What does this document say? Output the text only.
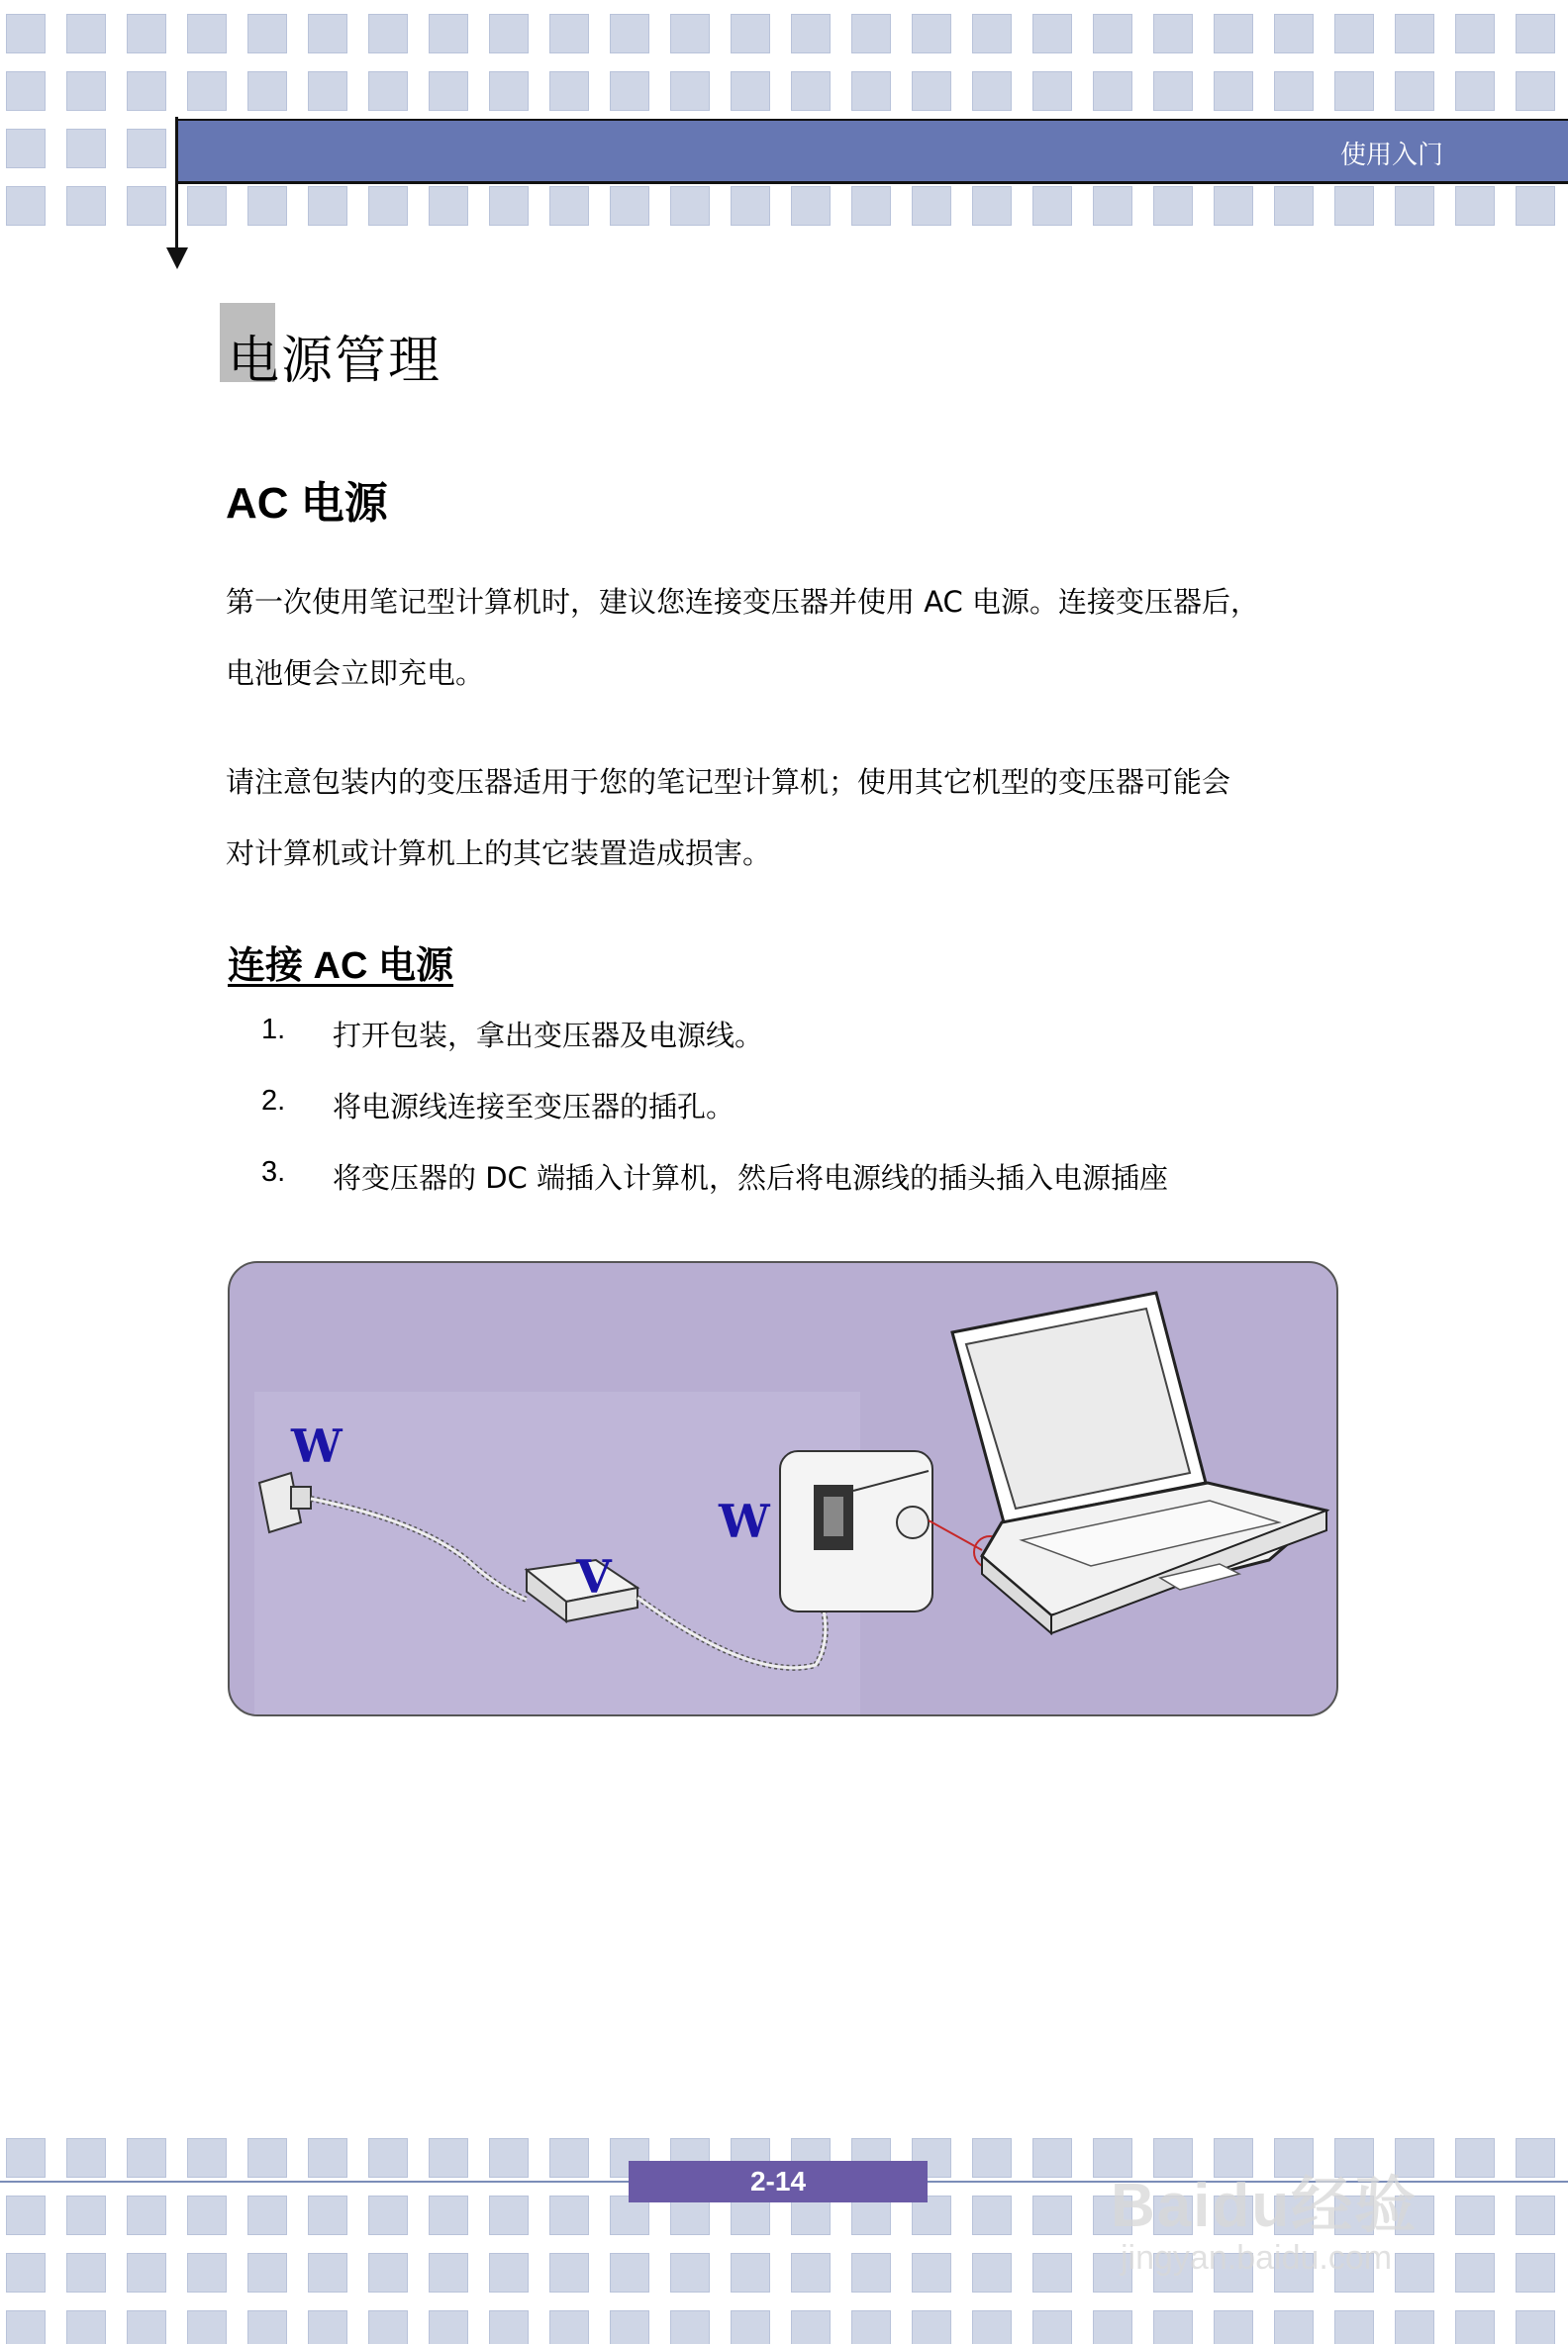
使用入门
电源管理
AC 电源
第一次使用笔记型计算机时，建议您连接变压器并使用 AC 电源。连接变压器后，
电池便会立即充电。
请注意包装内的变压器适用于您的笔记型计算机；使用其它机型的变压器可能会
对计算机或计算机上的其它装置造成损害。
连接 AC 电源
1.	打开包装，拿出变压器及电源线。
2.	将电源线连接至变压器的插孔。
3.	将变压器的 DC 端插入计算机，然后将电源线的插头插入电源插座
W
W
V
2-14	Baidu经验
jingyan.baidu.com
